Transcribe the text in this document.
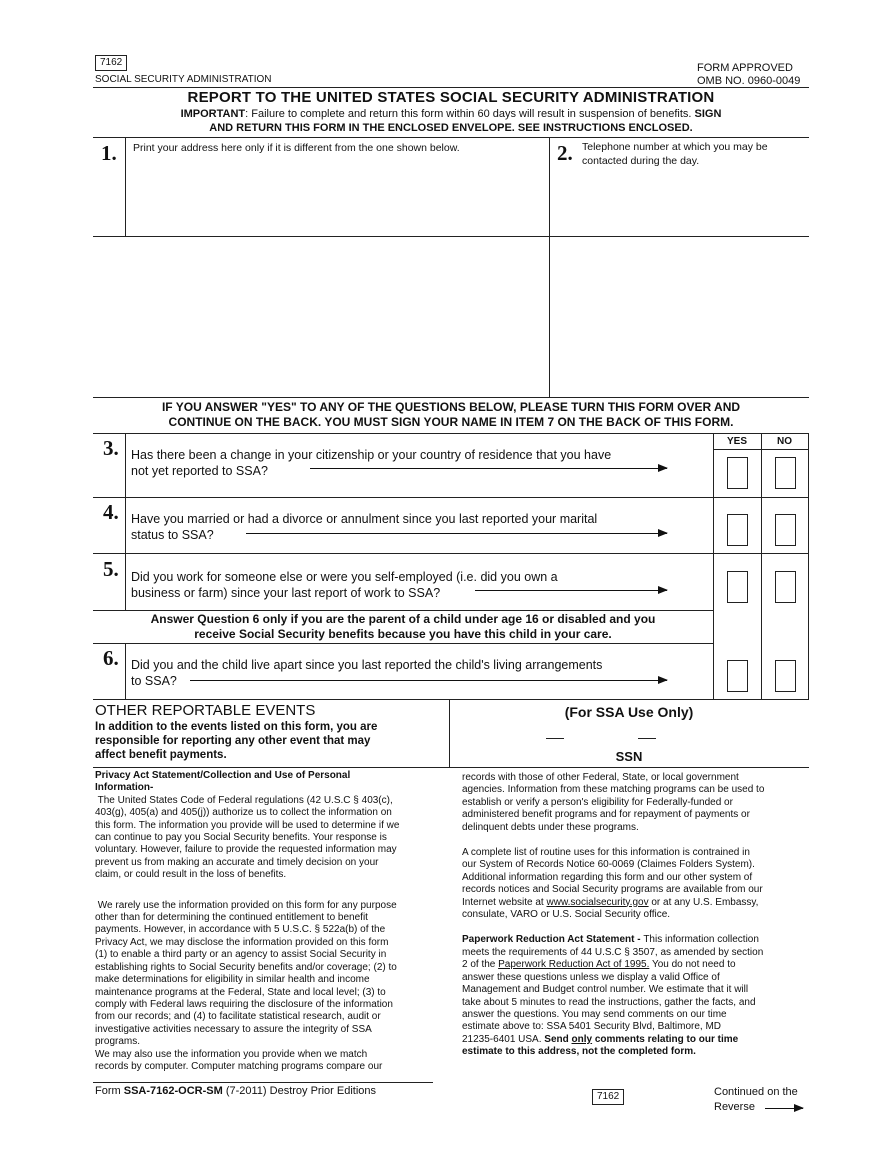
7162
SOCIAL SECURITY ADMINISTRATION
FORM APPROVED
OMB NO. 0960-0049
REPORT TO THE UNITED STATES SOCIAL SECURITY ADMINISTRATION
IMPORTANT: Failure to complete and return this form within 60 days will result in suspension of benefits. SIGN
AND RETURN THIS FORM IN THE ENCLOSED ENVELOPE. SEE INSTRUCTIONS ENCLOSED.
1. Print your address here only if it is different from the one shown below.	2. Telephone number at which you may be
contacted during the day.
IF YOU ANSWER "YES" TO ANY OF THE QUESTIONS BELOW, PLEASE TURN THIS FORM OVER AND
CONTINUE ON THE BACK. YOU MUST SIGN YOUR NAME IN ITEM 7 ON THE BACK OF THIS FORM.
YES	NO
3. Has there been a change in your citizenship or your country of residence that you have
not yet reported to SSA?
4. Have you married or had a divorce or annulment since you last reported your marital
status to SSA?
5. Did you work for someone else or were you self-employed (i.e. did you own a
business or farm) since your last report of work to SSA?
Answer Question 6 only if you are the parent of a child under age 16 or disabled and you
receive Social Security benefits because you have this child in your care.
6. Did you and the child live apart since you last reported the child's living arrangements
to SSA?
OTHER REPORTABLE EVENTS
In addition to the events listed on this form, you are
responsible for reporting any other event that may
affect benefit payments.
(For SSA Use Only)
SSN
Privacy Act Statement/Collection and Use of Personal
Information-
The United States Code of Federal regulations (42 U.S.C § 403(c),
403(g), 405(a) and 405(j)) authorize us to collect the information on
this form. The information you provide will be used to determine if we
can continue to pay you Social Security benefits. Your response is
voluntary. However, failure to provide the requested information may
prevent us from making an accurate and timely decision on your
claim, or could result in the loss of benefits.
We rarely use the information provided on this form for any purpose
other than for determining the continued entitlement to benefit
payments. However, in accordance with 5 U.S.C. § 522a(b) of the
Privacy Act, we may disclose the information provided on this form
(1) to enable a third party or an agency to assist Social Security in
establishing rights to Social Security benefits and/or coverage; (2) to
make determinations for eligibility in similar health and income
maintenance programs at the Federal, State and local level; (3) to
comply with Federal laws requiring the disclosure of the information
from our records; and (4) to facilitate statistical research, audit or
investigative activities necessary to assure the integrity of SSA
programs.
We may also use the information you provide when we match
records by computer. Computer matching programs compare our
records with those of other Federal, State, or local government
agencies. Information from these matching programs can be used to
establish or verify a person's eligibility for Federally-funded or
administered benefit programs and for repayment of payments or
delinquent debts under these programs.
A complete list of routine uses for this information is contrained in
our System of Records Notice 60-0069 (Claimes Folders System).
Additional information regarding this form and our other system of
records notices and Social Security programs are available from our
Internet website at www.socialsecurity.gov or at any U.S. Embassy,
consulate, VARO or U.S. Social Security office.
Paperwork Reduction Act Statement - This information collection
meets the requirements of 44 U.S.C § 3507, as amended by section
2 of the Paperwork Reduction Act of 1995. You do not need to
answer these questions unless we display a valid Office of
Management and Budget control number. We estimate that it will
take about 5 minutes to read the instructions, gather the facts, and
answer the questions. You may send comments on our time
estimate above to: SSA 5401 Security Blvd, Baltimore, MD
21235-6401 USA. Send only comments relating to our time
estimate to this address, not the completed form.
Form SSA-7162-OCR-SM (7-2011) Destroy Prior Editions	7162	Continued on the
Reverse
